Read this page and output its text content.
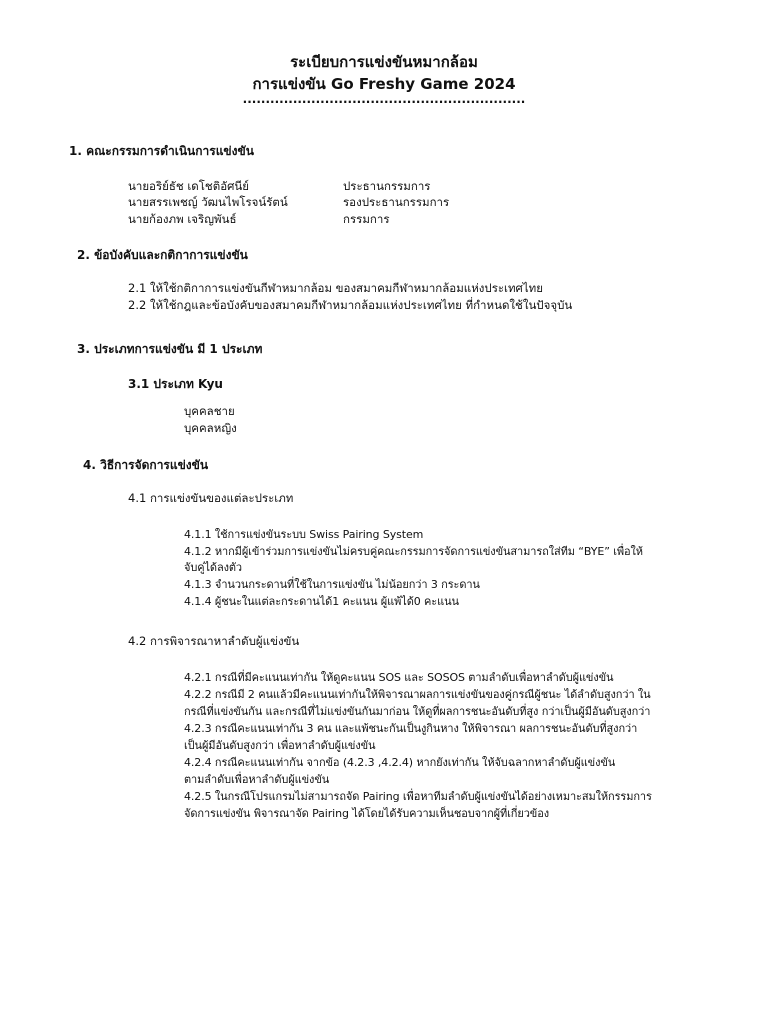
ระเบียบการแข่งขันหมากล้อม
การแข่งขัน Go Freshy Game 2024
..............................................................
1. คณะกรรมการดำเนินการแข่งขัน
นายอริย์ธัช เดโชติอัศนีย์	ประธานกรรมการ
นายสรรเพชญ์ วัฒนไพโรจน์รัตน์	รองประธานกรรมการ
นายก้องภพ เจริญพันธ์	กรรมการ
2. ข้อบังคับและกติกาการแข่งขัน
2.1 ให้ใช้กติกาการแข่งขันกีฬาหมากล้อม ของสมาคมกีฬาหมากล้อมแห่งประเทศไทย
2.2 ให้ใช้กฎและข้อบังคับของสมาคมกีฬาหมากล้อมแห่งประเทศไทย ที่กำหนดใช้ในปัจจุบัน
3. ประเภทการแข่งขัน มี 1 ประเภท
3.1 ประเภท Kyu
บุคคลชาย
บุคคลหญิง
4. วิธีการจัดการแข่งขัน
4.1 การแข่งขันของแต่ละประเภท
4.1.1 ใช้การแข่งขันระบบ Swiss Pairing System
4.1.2 หากมีผู้เข้าร่วมการแข่งขันไม่ครบคู่คณะกรรมการจัดการแข่งขันสามารถใส่ทีม “BYE” เพื่อให้
จับคู่ได้ลงตัว
4.1.3 จำนวนกระดานที่ใช้ในการแข่งขัน ไม่น้อยกว่า 3 กระดาน
4.1.4 ผู้ชนะในแต่ละกระดานได้1 คะแนน ผู้แพ้ได้0 คะแนน
4.2 การพิจารณาหาลำดับผู้แข่งขัน
4.2.1 กรณีที่มีคะแนนเท่ากัน ให้ดูคะแนน SOS และ SOSOS ตามลำดับเพื่อหาลำดับผู้แข่งขัน
4.2.2 กรณีมี 2 คนแล้วมีคะแนนเท่ากันให้พิจารณาผลการแข่งขันของคู่กรณีผู้ชนะ ได้ลำดับสูงกว่า ใน
กรณีที่แข่งขันกัน และกรณีที่ไม่แข่งขันกันมาก่อน ให้ดูที่ผลการชนะอันดับที่สูง กว่าเป็นผู้มีอันดับสูงกว่า
4.2.3 กรณีคะแนนเท่ากัน 3 คน และแพ้ชนะกันเป็นงูกินหาง ให้พิจารณา ผลการชนะอันดับที่สูงกว่า
เป็นผู้มีอันดับสูงกว่า เพื่อหาลำดับผู้แข่งขัน
4.2.4 กรณีคะแนนเท่ากัน จากข้อ (4.2.3 ,4.2.4) หากยังเท่ากัน ให้จับฉลากหาลำดับผู้แข่งขัน
ตามลำดับเพื่อหาลำดับผู้แข่งขัน
4.2.5 ในกรณีโปรแกรมไม่สามารถจัด Pairing เพื่อหาทีมลำดับผู้แข่งขันได้อย่างเหมาะสมให้กรรมการ
จัดการแข่งขัน พิจารณาจัด Pairing ได้โดยได้รับความเห็นชอบจากผู้ที่เกี่ยวข้อง
